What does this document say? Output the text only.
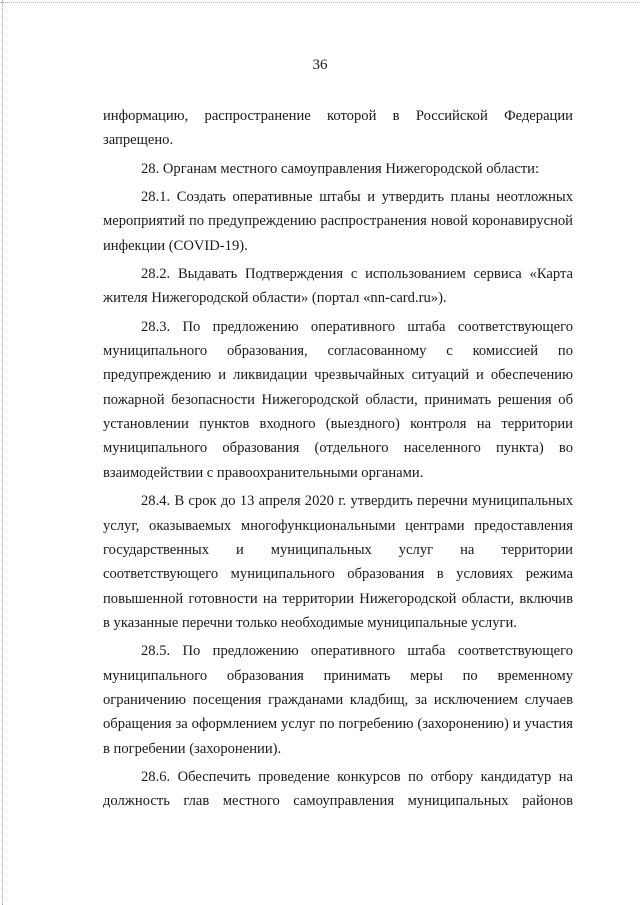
36

информацию, распространение которой в Российской Федерации запрещено.

28. Органам местного самоуправления Нижегородской области:

28.1. Создать оперативные штабы и утвердить планы неотложных мероприятий по предупреждению распространения новой коронавирусной инфекции (COVID-19).

28.2. Выдавать Подтверждения с использованием сервиса «Карта жителя Нижегородской области» (портал «nn-card.ru»).

28.3. По предложению оперативного штаба соответствующего муниципального образования, согласованному с комиссией по предупреждению и ликвидации чрезвычайных ситуаций и обеспечению пожарной безопасности Нижегородской области, принимать решения об установлении пунктов входного (выездного) контроля на территории муниципального образования (отдельного населенного пункта) во взаимодействии с правоохранительными органами.

28.4. В срок до 13 апреля 2020 г. утвердить перечни муниципальных услуг, оказываемых многофункциональными центрами предоставления государственных и муниципальных услуг на территории соответствующего муниципального образования в условиях режима повышенной готовности на территории Нижегородской области, включив в указанные перечни только необходимые муниципальные услуги.

28.5. По предложению оперативного штаба соответствующего муниципального образования принимать меры по временному ограничению посещения гражданами кладбищ, за исключением случаев обращения за оформлением услуг по погребению (захоронению) и участия в погребении (захоронении).

28.6. Обеспечить проведение конкурсов по отбору кандидатур на должность глав местного самоуправления муниципальных районов
